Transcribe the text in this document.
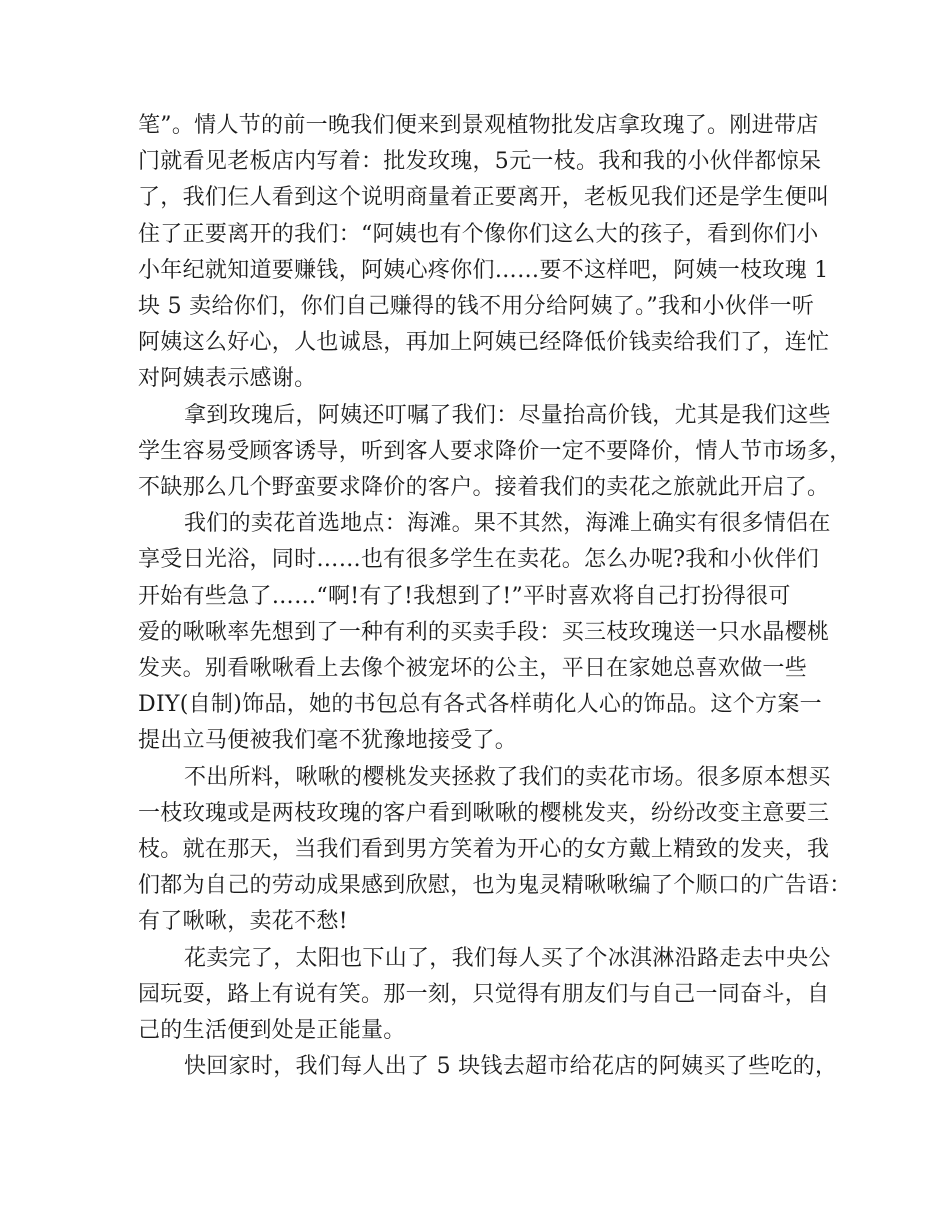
笔”。情人节的前一晚我们便来到景观植物批发店拿玫瑰了。刚进带店
门就看见老板店内写着：批发玫瑰，5元一枝。我和我的小伙伴都惊呆
了，我们仨人看到这个说明商量着正要离开，老板见我们还是学生便叫
住了正要离开的我们：“阿姨也有个像你们这么大的孩子，看到你们小
小年纪就知道要赚钱，阿姨心疼你们……要不这样吧，阿姨一枝玫瑰 1
块 5 卖给你们，你们自己赚得的钱不用分给阿姨了。”我和小伙伴一听
阿姨这么好心，人也诚恳，再加上阿姨已经降低价钱卖给我们了，连忙
对阿姨表示感谢。
拿到玫瑰后，阿姨还叮嘱了我们：尽量抬高价钱，尤其是我们这些
学生容易受顾客诱导，听到客人要求降价一定不要降价，情人节市场多，
不缺那么几个野蛮要求降价的客户。接着我们的卖花之旅就此开启了。
我们的卖花首选地点：海滩。果不其然，海滩上确实有很多情侣在
享受日光浴，同时……也有很多学生在卖花。怎么办呢?我和小伙伴们
开始有些急了……“啊!有了!我想到了!”平时喜欢将自己打扮得很可
爱的啾啾率先想到了一种有利的买卖手段：买三枝玫瑰送一只水晶樱桃
发夹。别看啾啾看上去像个被宠坏的公主，平日在家她总喜欢做一些
DIY(自制)饰品，她的书包总有各式各样萌化人心的饰品。这个方案一
提出立马便被我们毫不犹豫地接受了。
不出所料，啾啾的樱桃发夹拯救了我们的卖花市场。很多原本想买
一枝玫瑰或是两枝玫瑰的客户看到啾啾的樱桃发夹，纷纷改变主意要三
枝。就在那天，当我们看到男方笑着为开心的女方戴上精致的发夹，我
们都为自己的劳动成果感到欣慰，也为鬼灵精啾啾编了个顺口的广告语：
有了啾啾，卖花不愁!
花卖完了，太阳也下山了，我们每人买了个冰淇淋沿路走去中央公
园玩耍，路上有说有笑。那一刻，只觉得有朋友们与自己一同奋斗，自
己的生活便到处是正能量。
快回家时，我们每人出了 5 块钱去超市给花店的阿姨买了些吃的，
